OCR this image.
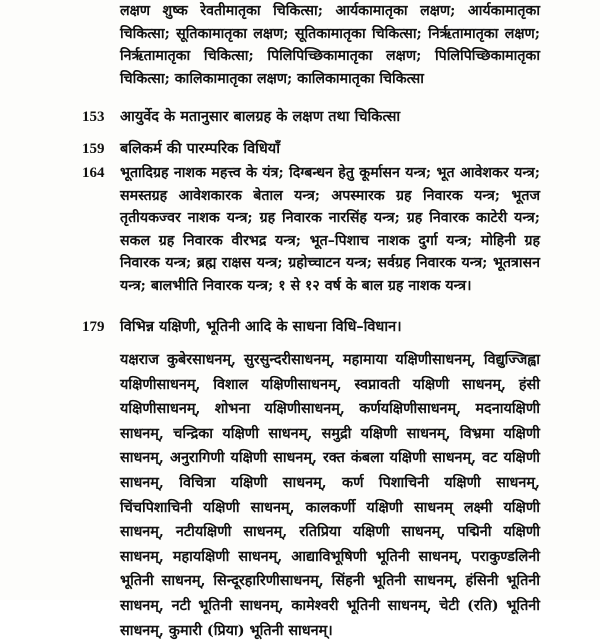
लक्षण शुष्क रेवतीमातृका चिकित्सा; आर्यकामातृका लक्षण; आर्यकामातृका चिकित्सा; सूतिकामातृका लक्षण; सूतिकामातृका चिकित्सा; निर्ऋतामातृका लक्षण; निर्ऋतामातृका चिकित्सा; पिलिपिच्छिकामातृका लक्षण; पिलिपिच्छिकामातृका चिकित्सा; कालिकामातृका लक्षण; कालिकामातृका चिकित्सा
153 आयुर्वेद के मतानुसार बालग्रह के लक्षण तथा चिकित्सा
159 बलिकर्म की पारम्परिक विधियाँ
164 भूतादिग्रह नाशक महत्त्व के यंत्र; दिग्बन्धन हेतु कूर्मासन यन्त्र; भूत आवेशकर यन्त्र; समस्तग्रह आवेशकारक बेताल यन्त्र; अपस्मारक ग्रह निवारक यन्त्र; भूतज तृतीयकज्वर नाशक यन्त्र; ग्रह निवारक नारसिंह यन्त्र; ग्रह निवारक काटेरी यन्त्र; सकल ग्रह निवारक वीरभद्र यन्त्र; भूत–पिशाच नाशक दुर्गा यन्त्र; मोहिनी ग्रह निवारक यन्त्र; ब्रह्म राक्षस यन्त्र; ग्रहोच्चाटन यन्त्र; सर्वग्रह निवारक यन्त्र; भूतत्रासन यन्त्र; बालभीति निवारक यन्त्र; १ से १२ वर्ष के बाल ग्रह नाशक यन्त्र।
179 विभिन्न यक्षिणी, भूतिनी आदि के साधना विधि–विधान।
यक्षराज कुबेरसाधनम्, सुरसुन्दरीसाधनम्, महामाया यक्षिणीसाधनम्, विद्युज्जिह्वा यक्षिणीसाधनम्, विशाल यक्षिणीसाधनम्, स्वप्नावती यक्षिणी साधनम्, हंसी यक्षिणीसाधनम्, शोभना यक्षिणीसाधनम्, कर्णयक्षिणीसाधनम्, मदनायक्षिणी साधनम्, चन्द्रिका यक्षिणी साधनम्, समुद्री यक्षिणी साधनम्, विभ्रमा यक्षिणी साधनम्, अनुरागिणी यक्षिणी साधनम्, रक्त कंबला यक्षिणी साधनम्, वट यक्षिणी साधनम्, विचित्रा यक्षिणी साधनम्, कर्ण पिशाचिनी यक्षिणी साधनम्, चिंचपिशाचिनी यक्षिणी साधनम्, कालकर्णी यक्षिणी साधनम् लक्ष्मी यक्षिणी साधनम्, नटीयक्षिणी साधनम्, रतिप्रिया यक्षिणी साधनम्, पद्मिनी यक्षिणी साधनम्, महायक्षिणी साधनम्, आद्याविभूषिणी भूतिनी साधनम्, पराकुण्डलिनी भूतिनी साधनम्, सिन्दूरहारिणीसाधनम्, सिंहनी भूतिनी साधनम्, हंसिनी भूतिनी साधनम्, नटी भूतिनी साधनम्, कामेश्वरी भूतिनी साधनम्, चेटी (रति) भूतिनी साधनम्, कुमारी (प्रिया) भूतिनी साधनम्।
